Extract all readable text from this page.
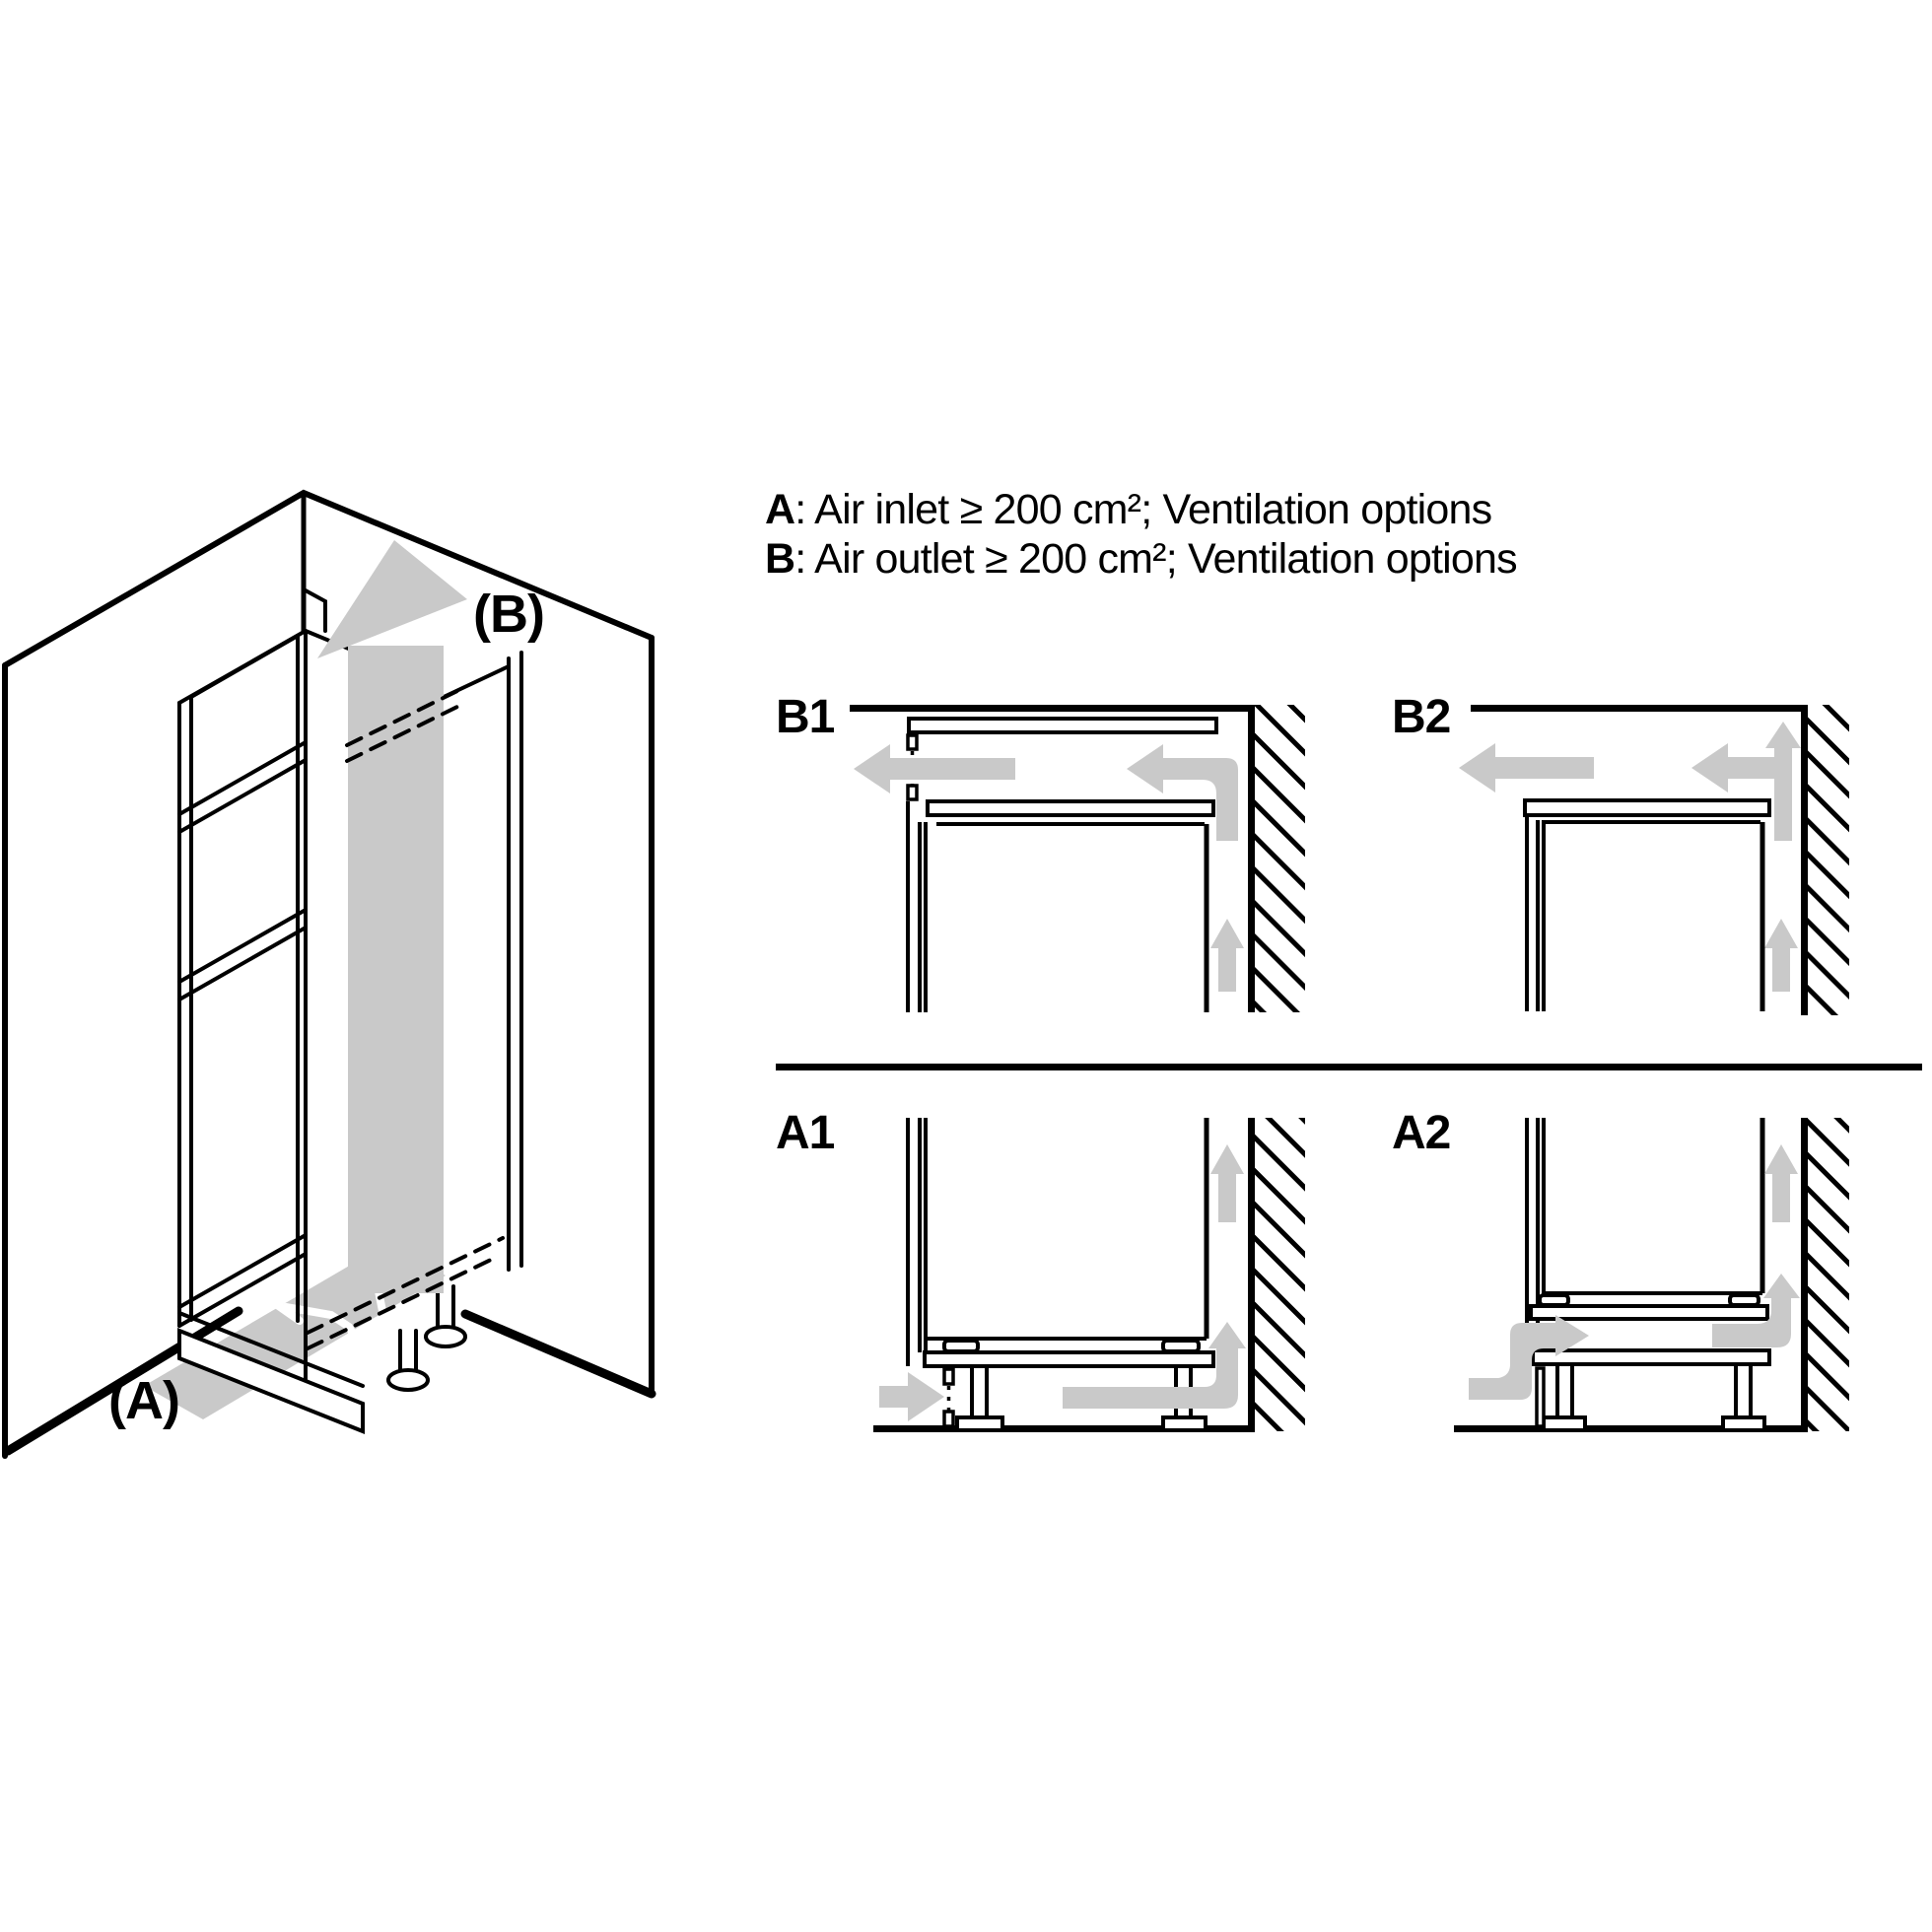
A: Air inlet ≥ 200 cm²; Ventilation options
B: Air outlet ≥ 200 cm²; Ventilation options
B1	B2
A1	A2
(B)
(A)
